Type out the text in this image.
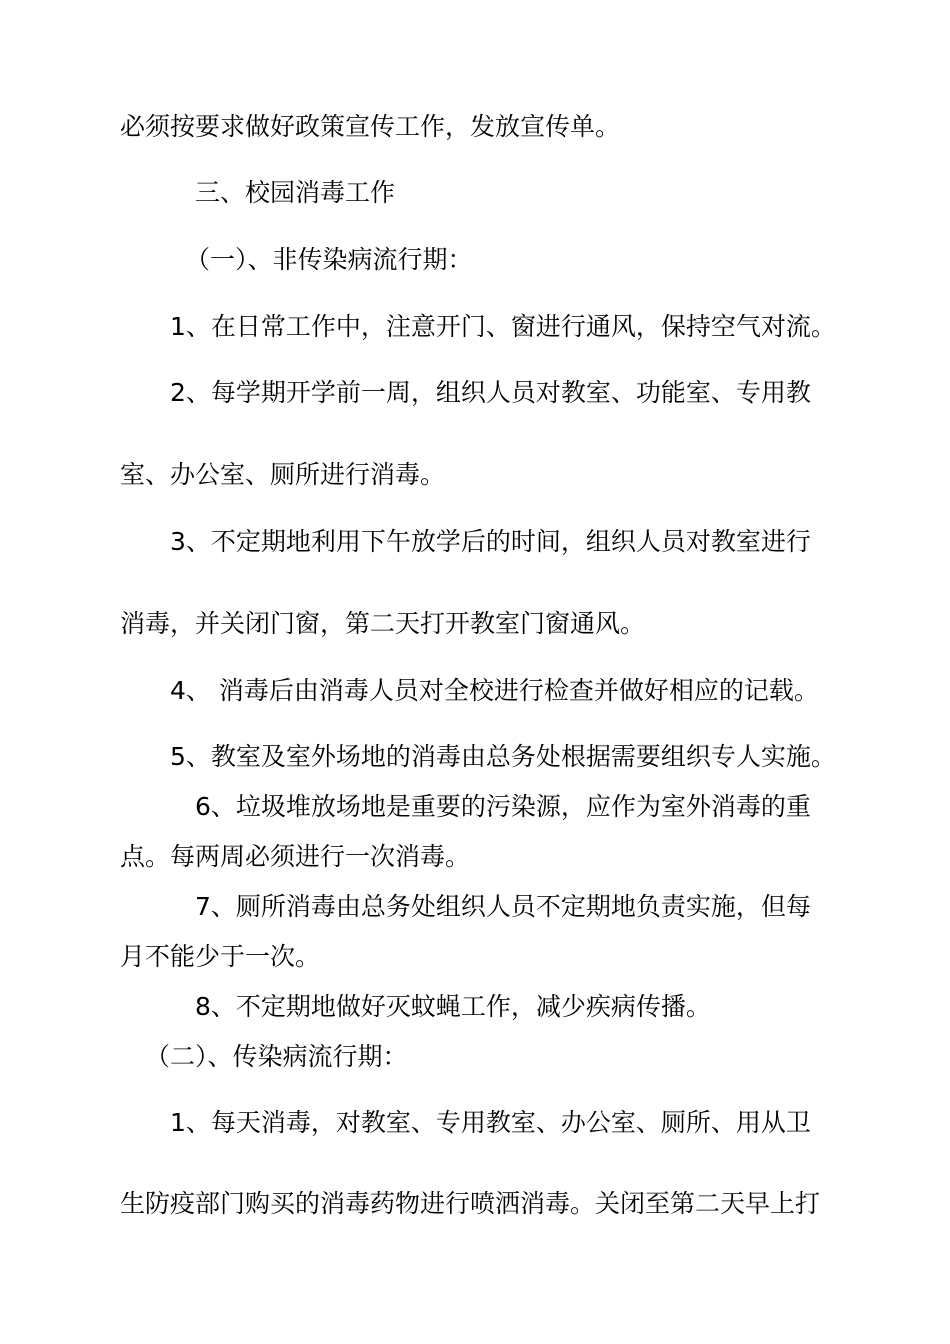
必须按要求做好政策宣传工作，发放宣传单。
三、校园消毒工作
（一）、非传染病流行期：
1、在日常工作中，注意开门、窗进行通风，保持空气对流。
2、每学期开学前一周，组织人员对教室、功能室、专用教
室、办公室、厕所进行消毒。
3、不定期地利用下午放学后的时间，组织人员对教室进行
消毒，并关闭门窗，第二天打开教室门窗通风。
4、 消毒后由消毒人员对全校进行检查并做好相应的记载。
5、教室及室外场地的消毒由总务处根据需要组织专人实施。
6、垃圾堆放场地是重要的污染源，应作为室外消毒的重
点。每两周必须进行一次消毒。
7、厕所消毒由总务处组织人员不定期地负责实施，但每
月不能少于一次。
8、不定期地做好灭蚊蝇工作，减少疾病传播。
（二）、传染病流行期：
1、每天消毒，对教室、专用教室、办公室、厕所、用从卫
生防疫部门购买的消毒药物进行喷洒消毒。关闭至第二天早上打
